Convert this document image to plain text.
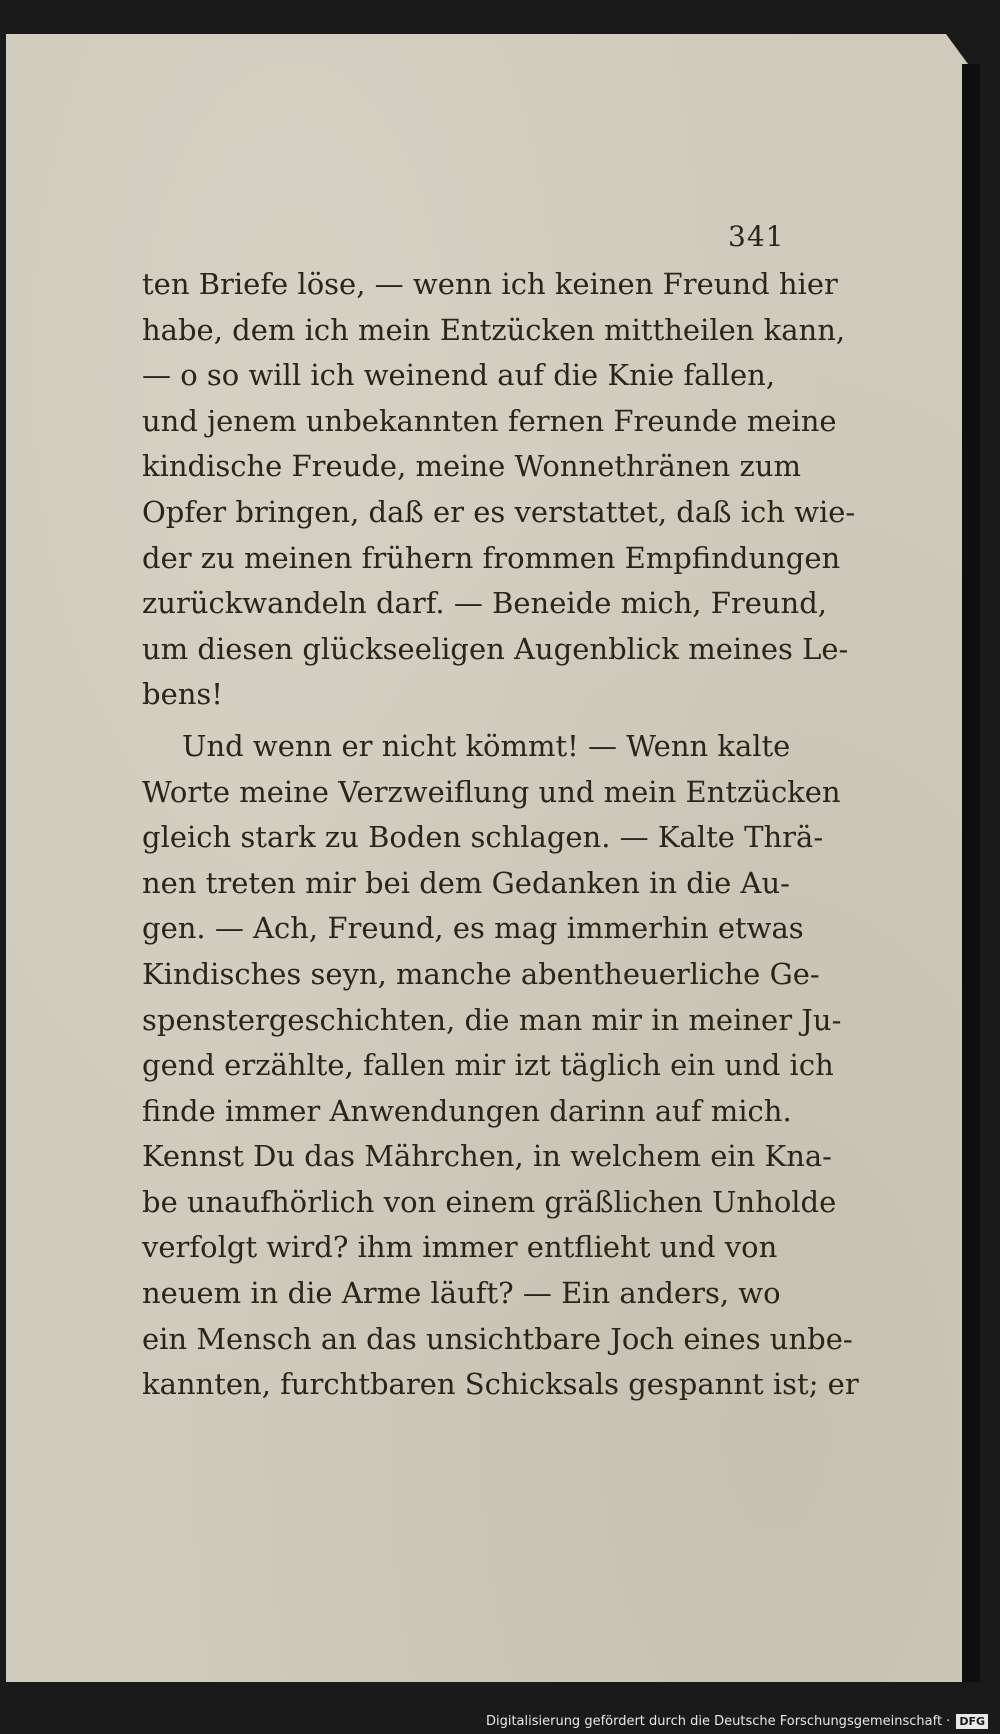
341
ten Briefe löse, — wenn ich keinen Freund hier
habe, dem ich mein Entzücken mittheilen kann,
— o so will ich weinend auf die Knie fallen,
und jenem unbekannten fernen Freunde meine
kindische Freude, meine Wonnethränen zum
Opfer bringen, daß er es verstattet, daß ich wie-
der zu meinen frühern frommen Empfindungen
zurückwandeln darf. — Beneide mich, Freund,
um diesen glückseeligen Augenblick meines Le-
bens!
Und wenn er nicht kömmt! — Wenn kalte
Worte meine Verzweiflung und mein Entzücken
gleich stark zu Boden schlagen. — Kalte Thrä-
nen treten mir bei dem Gedanken in die Au-
gen. — Ach, Freund, es mag immerhin etwas
Kindisches seyn, manche abentheuerliche Ge-
spenstergeschichten, die man mir in meiner Ju-
gend erzählte, fallen mir izt täglich ein und ich
finde immer Anwendungen darinn auf mich.
Kennst Du das Mährchen, in welchem ein Kna-
be unaufhörlich von einem gräßlichen Unholde
verfolgt wird? ihm immer entflieht und von
neuem in die Arme läuft? — Ein anders, wo
ein Mensch an das unsichtbare Joch eines unbe-
kannten, furchtbaren Schicksals gespannt ist; er
Digitalisierung gefördert durch die Deutsche Forschungsgemeinschaft · DFG
